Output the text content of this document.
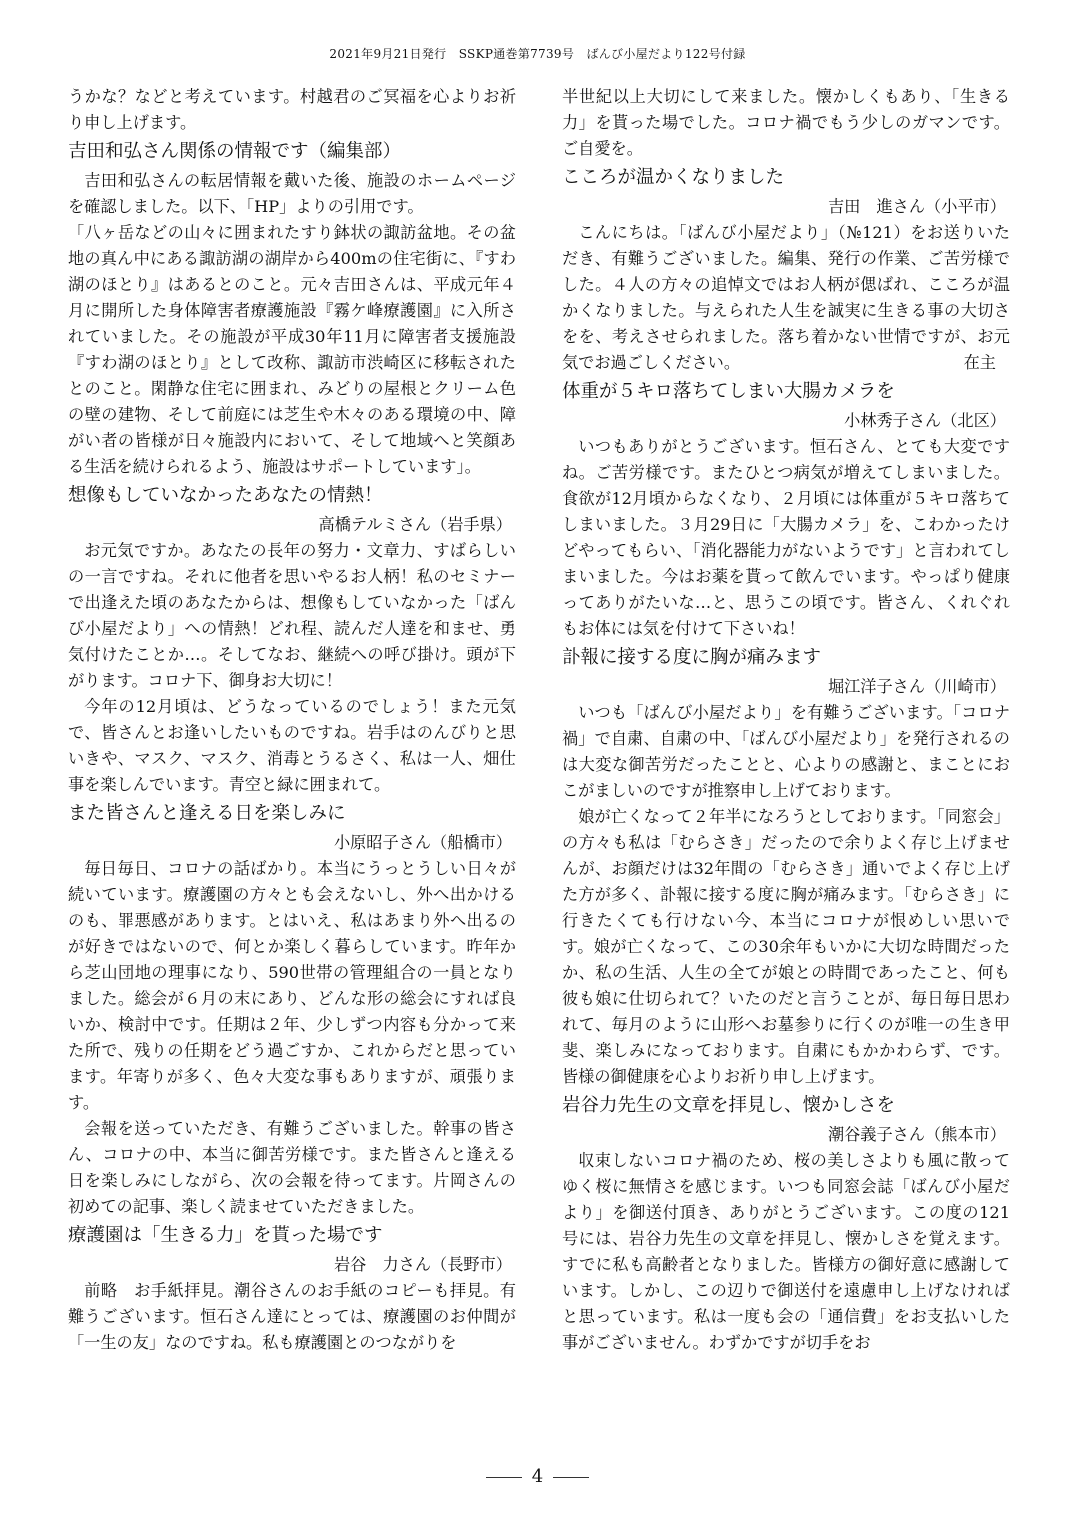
2021年9月21日発行　SSKP通巻第7739号　ばんび小屋だより122号付録

うかな？などと考えています。村越君のご冥福を心よりお祈り申し上げます。

吉田和弘さん関係の情報です（編集部）

吉田和弘さんの転居情報を戴いた後、施設のホームページを確認しました。以下、「HP」よりの引用です。

「八ヶ岳などの山々に囲まれたすり鉢状の諏訪盆地。その盆地の真ん中にある諏訪湖の湖岸から400mの住宅街に、『すわ湖のほとり』はあるとのこと。元々吉田さんは、平成元年４月に開所した身体障害者療護施設『霧ケ峰療護園』に入所されていました。その施設が平成30年11月に障害者支援施設『すわ湖のほとり』として改称、諏訪市渋崎区に移転されたとのこと。閑静な住宅に囲まれ、みどりの屋根とクリーム色の壁の建物、そして前庭には芝生や木々のある環境の中、障がい者の皆様が日々施設内において、そして地域へと笑顔ある生活を続けられるよう、施設はサポートしています」。

想像もしていなかったあなたの情熱！

高橋テルミさん（岩手県）

お元気ですか。あなたの長年の努力・文章力、すばらしいの一言ですね。それに他者を思いやるお人柄！私のセミナーで出逢えた頃のあなたからは、想像もしていなかった「ばんび小屋だより」への情熱！どれ程、読んだ人達を和ませ、勇気付けたことか…。そしてなお、継続への呼び掛け。頭が下がります。コロナ下、御身お大切に！

今年の12月頃は、どうなっているのでしょう！また元気で、皆さんとお逢いしたいものですね。岩手はのんびりと思いきや、マスク、マスク、消毒とうるさく、私は一人、畑仕事を楽しんでいます。青空と緑に囲まれて。

また皆さんと逢える日を楽しみに

小原昭子さん（船橋市）

毎日毎日、コロナの話ばかり。本当にうっとうしい日々が続いています。療護園の方々とも会えないし、外へ出かけるのも、罪悪感があります。とはいえ、私はあまり外へ出るのが好きではないので、何とか楽しく暮らしています。昨年から芝山団地の理事になり、590世帯の管理組合の一員となりました。総会が６月の末にあり、どんな形の総会にすれば良いか、検討中です。任期は２年、少しずつ内容も分かって来た所で、残りの任期をどう過ごすか、これからだと思っています。年寄りが多く、色々大変な事もありますが、頑張ります。

会報を送っていただき、有難うございました。幹事の皆さん、コロナの中、本当に御苦労様です。また皆さんと逢える日を楽しみにしながら、次の会報を待ってます。片岡さんの初めての記事、楽しく読ませていただきました。

療護園は「生きる力」を貰った場です

岩谷　力さん（長野市）

前略　お手紙拝見。潮谷さんのお手紙のコピーも拝見。有難うございます。恒石さん達にとっては、療護園のお仲間が「一生の友」なのですね。私も療護園とのつながりを

半世紀以上大切にして来ました。懐かしくもあり、「生きる力」を貰った場でした。コロナ禍でもう少しのガマンです。ご自愛を。

こころが温かくなりました

吉田　進さん（小平市）

こんにちは。「ばんび小屋だより」（№121）をお送りいただき、有難うございました。編集、発行の作業、ご苦労様でした。４人の方々の追悼文ではお人柄が偲ばれ、こころが温かくなりました。与えられた人生を誠実に生きる事の大切さをを、考えさせられました。落ち着かない世情ですが、お元気でお過ごしください。	在主

体重が５キロ落ちてしまい大腸カメラを

小林秀子さん（北区）

いつもありがとうございます。恒石さん、とても大変ですね。ご苦労様です。またひとつ病気が増えてしまいました。食欲が12月頃からなくなり、２月頃には体重が５キロ落ちてしまいました。３月29日に「大腸カメラ」を、こわかったけどやってもらい、「消化器能力がないようです」と言われてしまいました。今はお薬を貰って飲んでいます。やっぱり健康ってありがたいな…と、思うこの頃です。皆さん、くれぐれもお体には気を付けて下さいね！

訃報に接する度に胸が痛みます

堀江洋子さん（川崎市）

いつも「ばんび小屋だより」を有難うございます。「コロナ禍」で自粛、自粛の中、「ばんび小屋だより」を発行されるのは大変な御苦労だったことと、心よりの感謝と、まことにおこがましいのですが推察申し上げております。

娘が亡くなって２年半になろうとしております。「同窓会」の方々も私は「むらさき」だったので余りよく存じ上げませんが、お顔だけは32年間の「むらさき」通いでよく存じ上げた方が多く、訃報に接する度に胸が痛みます。「むらさき」に行きたくても行けない今、本当にコロナが恨めしい思いです。娘が亡くなって、この30余年もいかに大切な時間だったか、私の生活、人生の全てが娘との時間であったこと、何も彼も娘に仕切られて？いたのだと言うことが、毎日毎日思われて、毎月のように山形へお墓参りに行くのが唯一の生き甲斐、楽しみになっております。自粛にもかかわらず、です。皆様の御健康を心よりお祈り申し上げます。

岩谷力先生の文章を拝見し、懐かしさを

潮谷義子さん（熊本市）

収束しないコロナ禍のため、桜の美しさよりも風に散ってゆく桜に無情さを感じます。いつも同窓会誌「ばんび小屋だより」を御送付頂き、ありがとうございます。この度の121号には、岩谷力先生の文章を拝見し、懐かしさを覚えます。すでに私も高齢者となりました。皆様方の御好意に感謝しています。しかし、この辺りで御送付を遠慮申し上げなければと思っています。私は一度も会の「通信費」をお支払いした事がございません。わずかですが切手をお

4
